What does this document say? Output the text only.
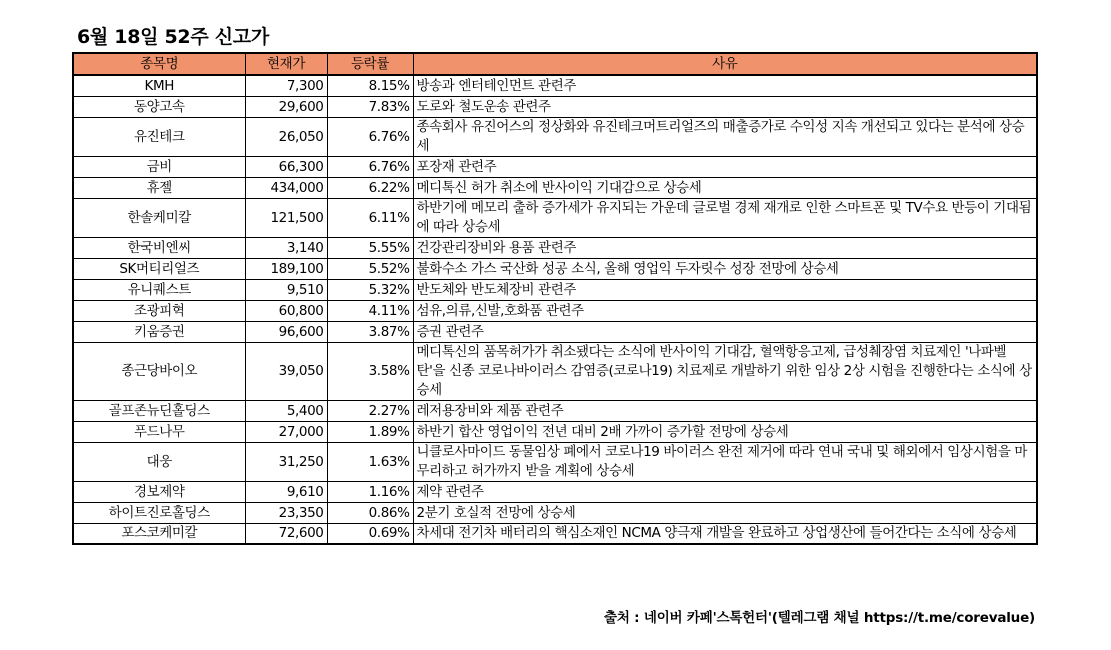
6월 18일 52주 신고가
종목명	현재가	등락률	사유
KMH	7,300	8.15%	방송과 엔터테인먼트 관련주
동양고속	29,600	7.83%	도로와 철도운송 관련주
유진테크	26,050	6.76%	종속회사 유진어스의 정상화와 유진테크머트리얼즈의 매출증가로 수익성 지속 개선되고 있다는 분석에 상승세
금비	66,300	6.76%	포장재 관련주
휴젤	434,000	6.22%	메디톡신 허가 취소에 반사이익 기대감으로 상승세
한솔케미칼	121,500	6.11%	하반기에 메모리 출하 증가세가 유지되는 가운데 글로벌 경제 재개로 인한 스마트폰 및 TV수요 반등이 기대됨에 따라 상승세
한국비엔씨	3,140	5.55%	건강관리장비와 용품 관련주
SK머티리얼즈	189,100	5.52%	불화수소 가스 국산화 성공 소식, 올해 영업익 두자릿수 성장 전망에 상승세
유니퀘스트	9,510	5.32%	반도체와 반도체장비 관련주
조광피혁	60,800	4.11%	섬유,의류,신발,호화품 관련주
키움증권	96,600	3.87%	증권 관련주
종근당바이오	39,050	3.58%	메디톡신의 품목허가가 취소됐다는 소식에 반사이익 기대감, 혈액항응고제, 급성췌장염 치료제인 '나파벨탄'을 신종 코로나바이러스 감염증(코로나19) 치료제로 개발하기 위한 임상 2상 시험을 진행한다는 소식에 상승세
골프존뉴딘홀딩스	5,400	2.27%	레저용장비와 제품 관련주
푸드나무	27,000	1.89%	하반기 합산 영업이익 전년 대비 2배 가까이 증가할 전망에 상승세
대웅	31,250	1.63%	니클로사마이드 동물임상 폐에서 코로나19 바이러스 완전 제거에 따라 연내 국내 및 해외에서 임상시험을 마무리하고 허가까지 받을 계획에 상승세
경보제약	9,610	1.16%	제약 관련주
하이트진로홀딩스	23,350	0.86%	2분기 호실적 전망에 상승세
포스코케미칼	72,600	0.69%	차세대 전기차 배터리의 핵심소재인 NCMA 양극재 개발을 완료하고 상업생산에 들어간다는 소식에 상승세
출처 : 네이버 카페'스톡헌터'(텔레그램 채널 https://t.me/corevalue)
